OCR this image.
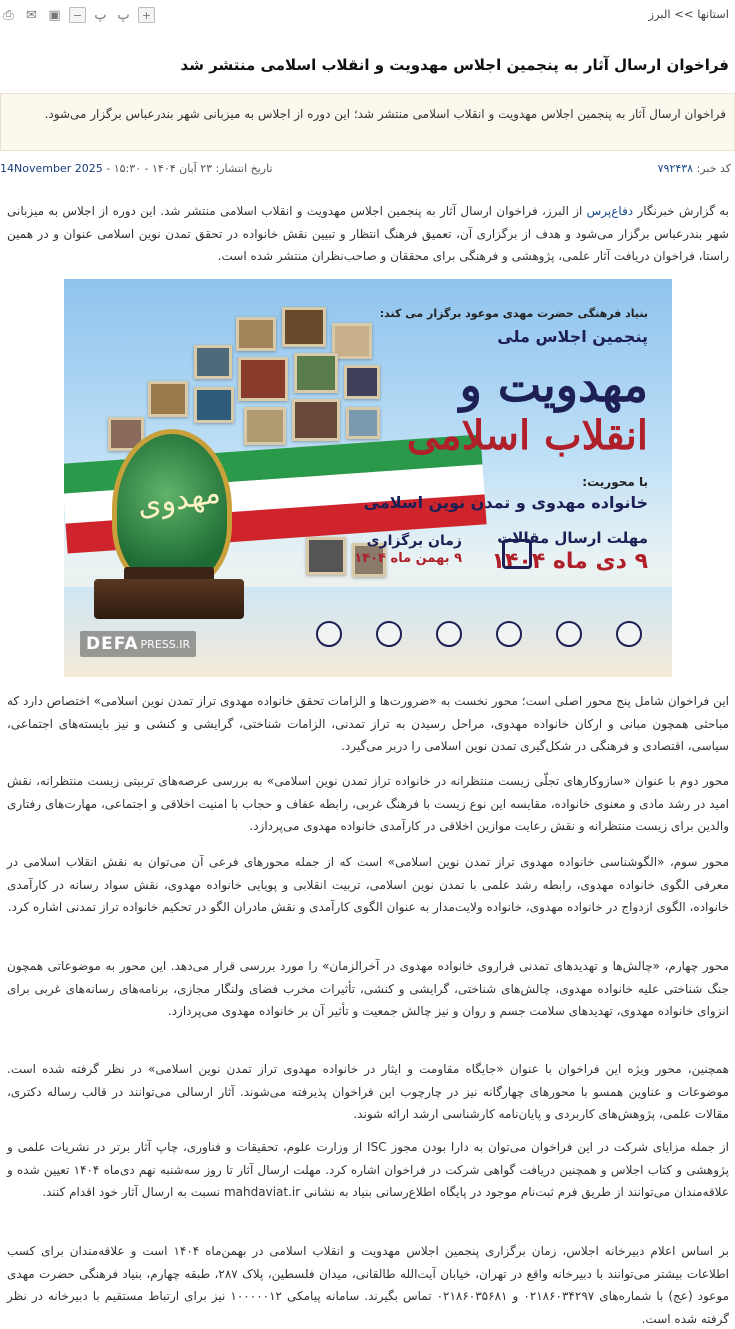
⎙ ✉ ▣	− پ پ	+	استانها >> البرز
فراخوان ارسال آثار به پنجمین اجلاس مهدویت و انقلاب اسلامی منتشر شد
فراخوان ارسال آثار به پنجمین اجلاس مهدویت و انقلاب اسلامی منتشر شد؛ این دوره از اجلاس به میزبانی شهر بندرعباس برگزار می‌شود.
کد خبر: ۷۹۲۴۳۸
تاریخ انتشار: ۲۳ آبان ۱۴۰۴ - ۱۵:۳۰ - 14November 2025

به گزارش خبرنگار دفاع‌پرس از البرز، فراخوان ارسال آثار به پنجمین اجلاس مهدویت و انقلاب اسلامی منتشر شد. این دوره از اجلاس به میزبانی شهر بندرعباس برگزار می‌شود و هدف از برگزاری آن، تعمیق فرهنگ انتظار و تبیین نقش خانواده در تحقق تمدن نوین اسلامی عنوان و در همین راستا، فراخوان دریافت آثار علمی، پژوهشی و فرهنگی برای محققان و صاحب‌نظران منتشر شده است.

مهدوی
بنیاد فرهنگی حضرت مهدی موعود برگزار می کند:
پنجمین اجلاس ملی
مهدویت و
انقلاب اسلامی
با محوریت:
خانواده مهدوی و تمدن نوین اسلامی
مهلت ارسال مقالات
۹ دی ماه ۱۴۰۴
زمان برگزاری
۹ بهمن ماه ۱۴۰۴
DEFA PRESS.IR

این فراخوان شامل پنج محور اصلی است؛ محور نخست به «ضرورت‌ها و الزامات تحقق خانواده مهدوی تراز تمدن نوین اسلامی» اختصاص دارد که مباحثی همچون مبانی و ارکان خانواده مهدوی، مراحل رسیدن به تراز تمدنی، الزامات شناختی، گرایشی و کنشی و نیز بایسته‌های اجتماعی، سیاسی، اقتصادی و فرهنگی در شکل‌گیری تمدن نوین اسلامی را دربر می‌گیرد.

محور دوم با عنوان «سازوکارهای تجلّی زیست منتظرانه در خانواده تراز تمدن نوین اسلامی» به بررسی عرصه‌های تربیتی زیست منتظرانه، نقش امید در رشد مادی و معنوی خانواده، مقایسه این نوع زیست با فرهنگ غربی، رابطه عفاف و حجاب با امنیت اخلاقی و اجتماعی، مهارت‌های رفتاری والدین برای زیست منتظرانه و نقش رعایت موازین اخلاقی در کارآمدی خانواده مهدوی می‌پردازد.

محور سوم، «الگوشناسی خانواده مهدوی تراز تمدن نوین اسلامی» است که از جمله محورهای فرعی آن می‌توان به نقش انقلاب اسلامی در معرفی الگوی خانواده مهدوی، رابطه رشد علمی با تمدن نوین اسلامی، تربیت انقلابی و پویایی خانواده مهدوی، نقش سواد رسانه در کارآمدی خانواده، الگوی ازدواج در خانواده مهدوی، خانواده ولایت‌مدار به عنوان الگوی کارآمدی و نقش مادران الگو در تحکیم خانواده تراز تمدنی اشاره کرد.

محور چهارم، «چالش‌ها و تهدیدهای تمدنی فراروی خانواده مهدوی در آخرالزمان» را مورد بررسی قرار می‌دهد. این محور به موضوعاتی همچون جنگ شناختی علیه خانواده مهدوی، چالش‌های شناختی، گرایشی و کنشی، تأثیرات مخرب فضای ولنگار مجازی، برنامه‌های رسانه‌های غربی برای انزوای خانواده مهدوی، تهدیدهای سلامت جسم و روان و نیز چالش جمعیت و تأثیر آن بر خانواده مهدوی می‌پردازد.

همچنین، محور ویژه این فراخوان با عنوان «جایگاه مقاومت و ایثار در خانواده مهدوی تراز تمدن نوین اسلامی» در نظر گرفته شده است. موضوعات و عناوین همسو با محورهای چهارگانه نیز در چارچوب این فراخوان پذیرفته می‌شوند. آثار ارسالی می‌توانند در قالب رساله دکتری، مقالات علمی، پژوهش‌های کاربردی و پایان‌نامه کارشناسی ارشد ارائه شوند.

از جمله مزایای شرکت در این فراخوان می‌توان به دارا بودن مجوز ISC از وزارت علوم، تحقیقات و فناوری، چاپ آثار برتر در نشریات علمی و پژوهشی و کتاب اجلاس و همچنین دریافت گواهی شرکت در فراخوان اشاره کرد. مهلت ارسال آثار تا روز سه‌شنبه نهم دی‌ماه ۱۴۰۴ تعیین شده و علاقه‌مندان می‌توانند از طریق فرم ثبت‌نام موجود در پایگاه اطلاع‌رسانی بنیاد به نشانی mahdaviat.ir نسبت به ارسال آثار خود اقدام کنند.

بر اساس اعلام دبیرخانه اجلاس، زمان برگزاری پنجمین اجلاس مهدویت و انقلاب اسلامی در بهمن‌ماه ۱۴۰۴ است و علاقه‌مندان برای کسب اطلاعات بیشتر می‌توانند با دبیرخانه واقع در تهران، خیابان آیت‌الله طالقانی، میدان فلسطین، پلاک ۲۸۷، طبقه چهارم، بنیاد فرهنگی حضرت مهدی موعود (عج) با شماره‌های ۰۲۱۸۶۰۳۴۲۹۷ و ۰۲۱۸۶۰۳۵۶۸۱ تماس بگیرند. سامانه پیامکی ۱۰۰۰۰۰۱۲ نیز برای ارتباط مستقیم با دبیرخانه در نظر گرفته شده است.
